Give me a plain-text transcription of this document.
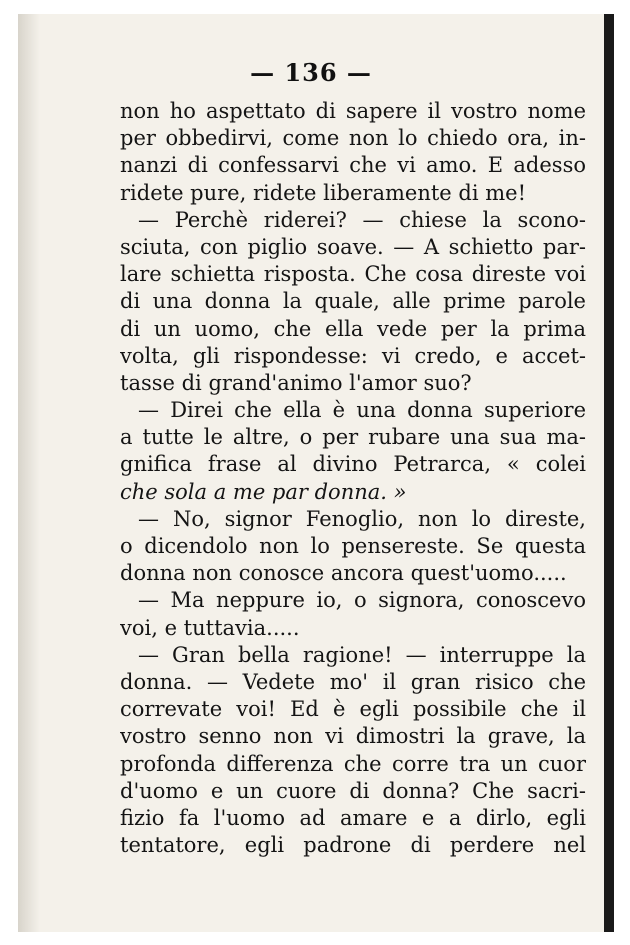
— 136 —
non ho aspettato di sapere il vostro nome
per obbedirvi, come non lo chiedo ora, in-
nanzi di confessarvi che vi amo. E adesso
ridete pure, ridete liberamente di me!
— Perchè riderei? — chiese la scono-
sciuta, con piglio soave. — A schietto par-
lare schietta risposta. Che cosa direste voi
di una donna la quale, alle prime parole
di un uomo, che ella vede per la prima
volta, gli rispondesse: vi credo, e accet-
tasse di grand'animo l'amor suo?
— Direi che ella è una donna superiore
a tutte le altre, o per rubare una sua ma-
gnifica frase al divino Petrarca, « colei
che sola a me par donna. »
— No, signor Fenoglio, non lo direste,
o dicendolo non lo pensereste. Se questa
donna non conosce ancora quest'uomo.....
— Ma neppure io, o signora, conoscevo
voi, e tuttavia.....
— Gran bella ragione! — interruppe la
donna. — Vedete mo' il gran risico che
correvate voi! Ed è egli possibile che il
vostro senno non vi dimostri la grave, la
profonda differenza che corre tra un cuor
d'uomo e un cuore di donna? Che sacri-
fizio fa l'uomo ad amare e a dirlo, egli
tentatore, egli padrone di perdere nel
